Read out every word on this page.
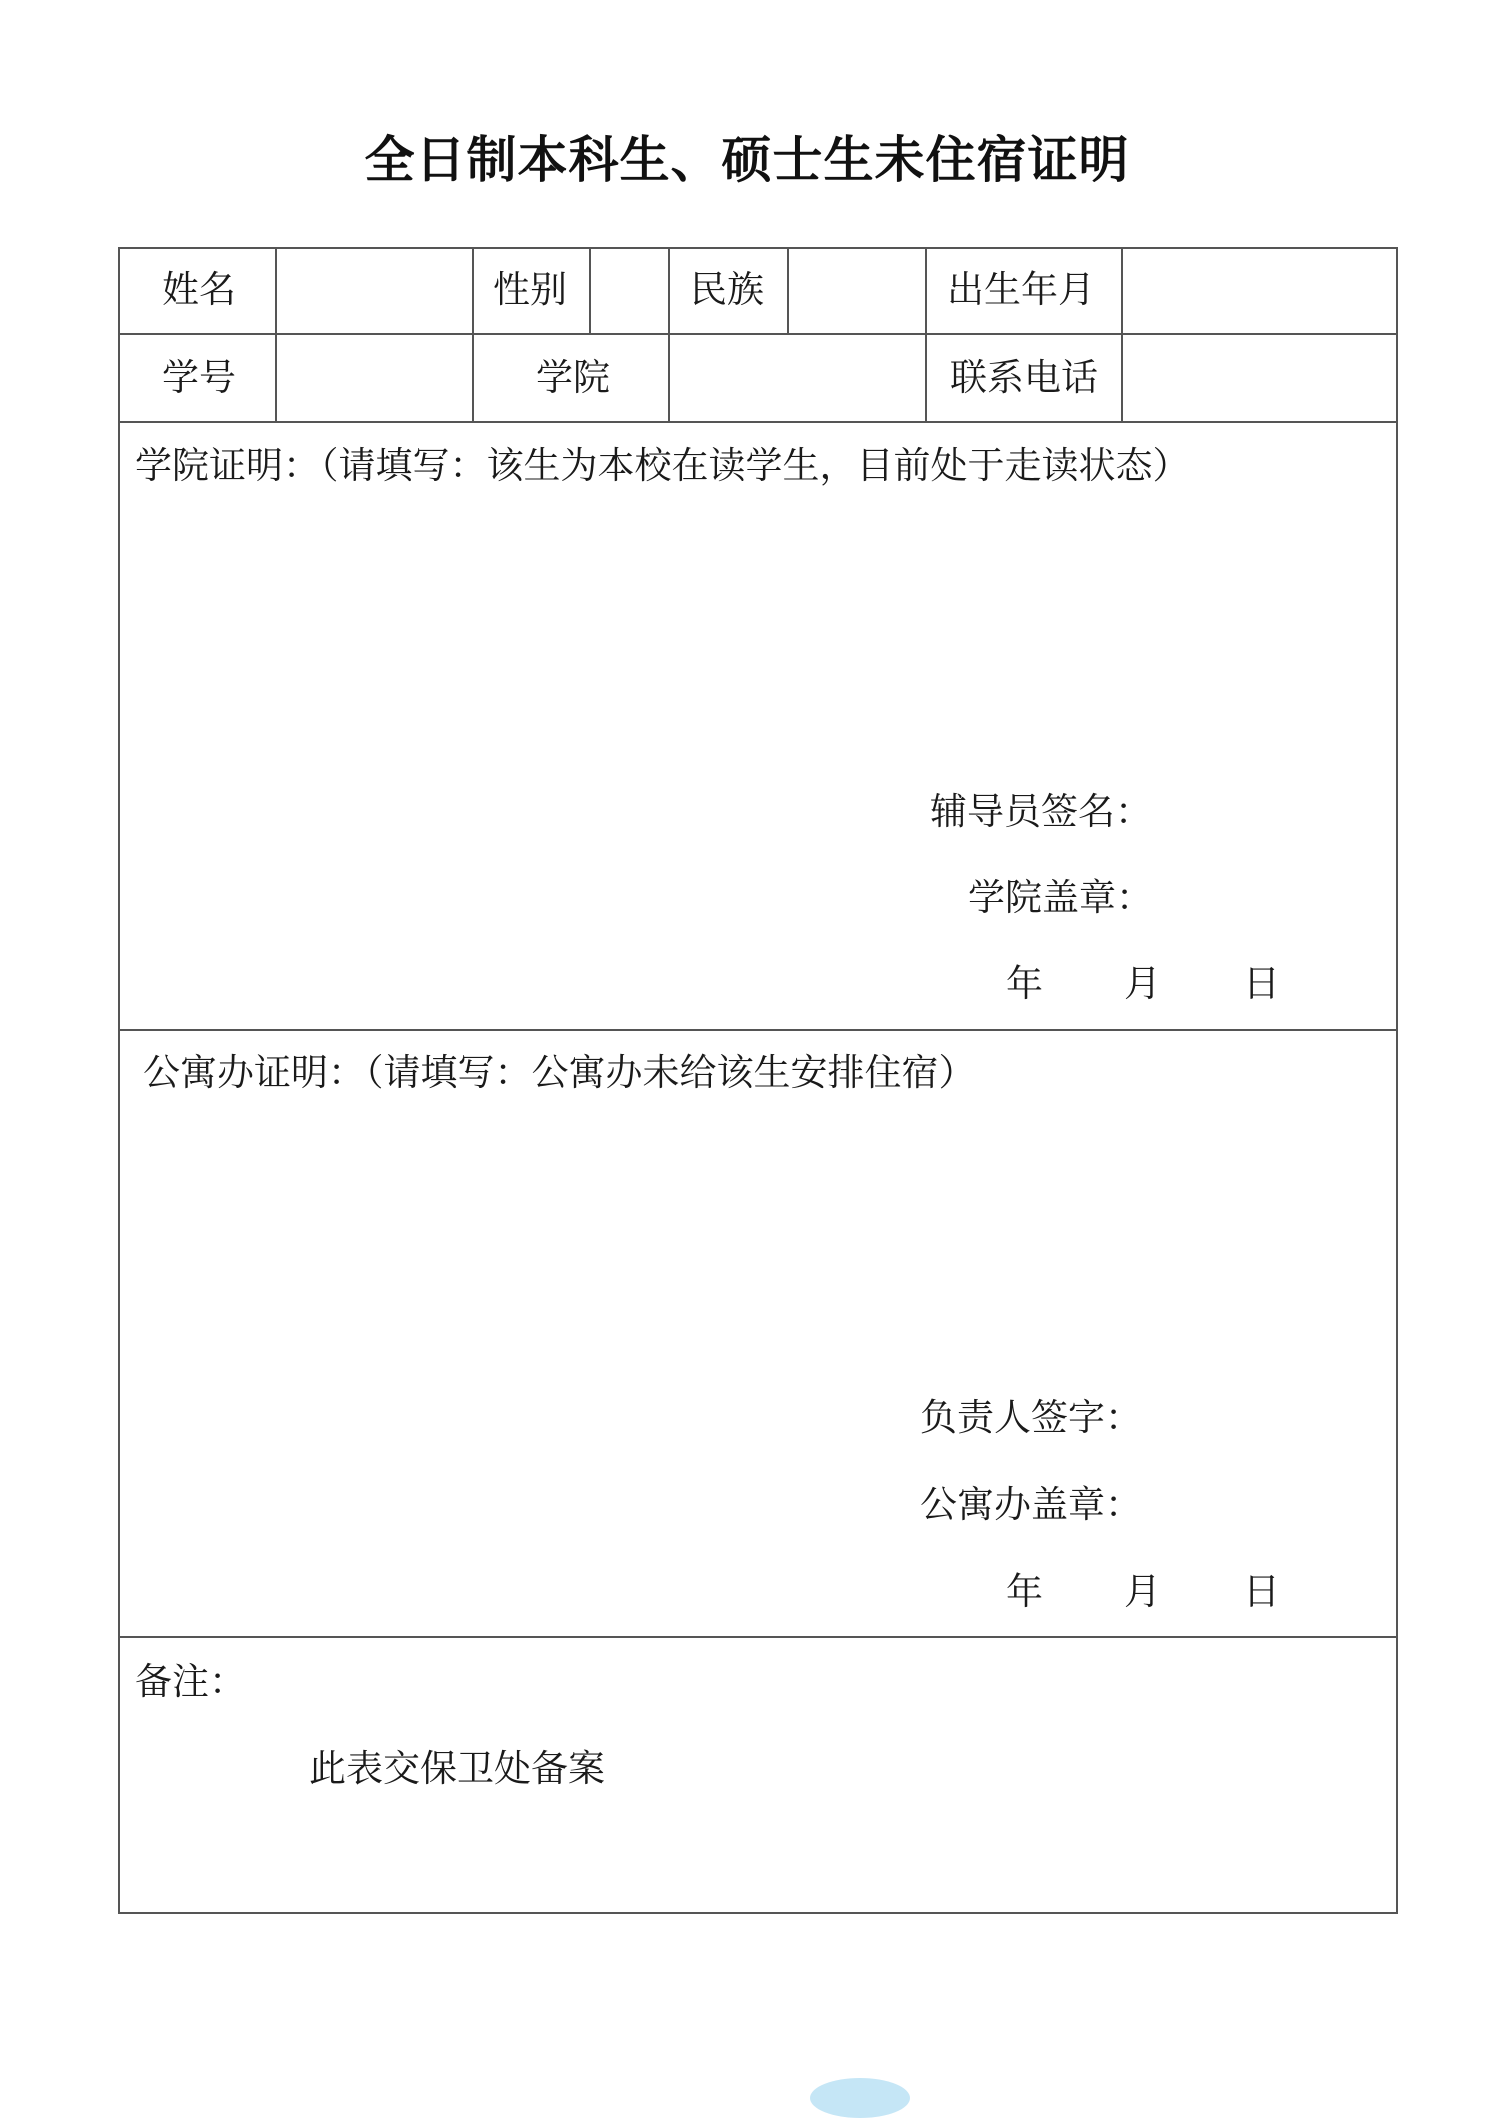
全日制本科生、硕士生未住宿证明
姓名	性别	民族	出生年月
学号	学院	联系电话
学院证明：（请填写：该生为本校在读学生，目前处于走读状态）
辅导员签名：
学院盖章：
年 月 日
公寓办证明：（请填写：公寓办未给该生安排住宿）
负责人签字：
公寓办盖章：
年 月 日
备注：
此表交保卫处备案
